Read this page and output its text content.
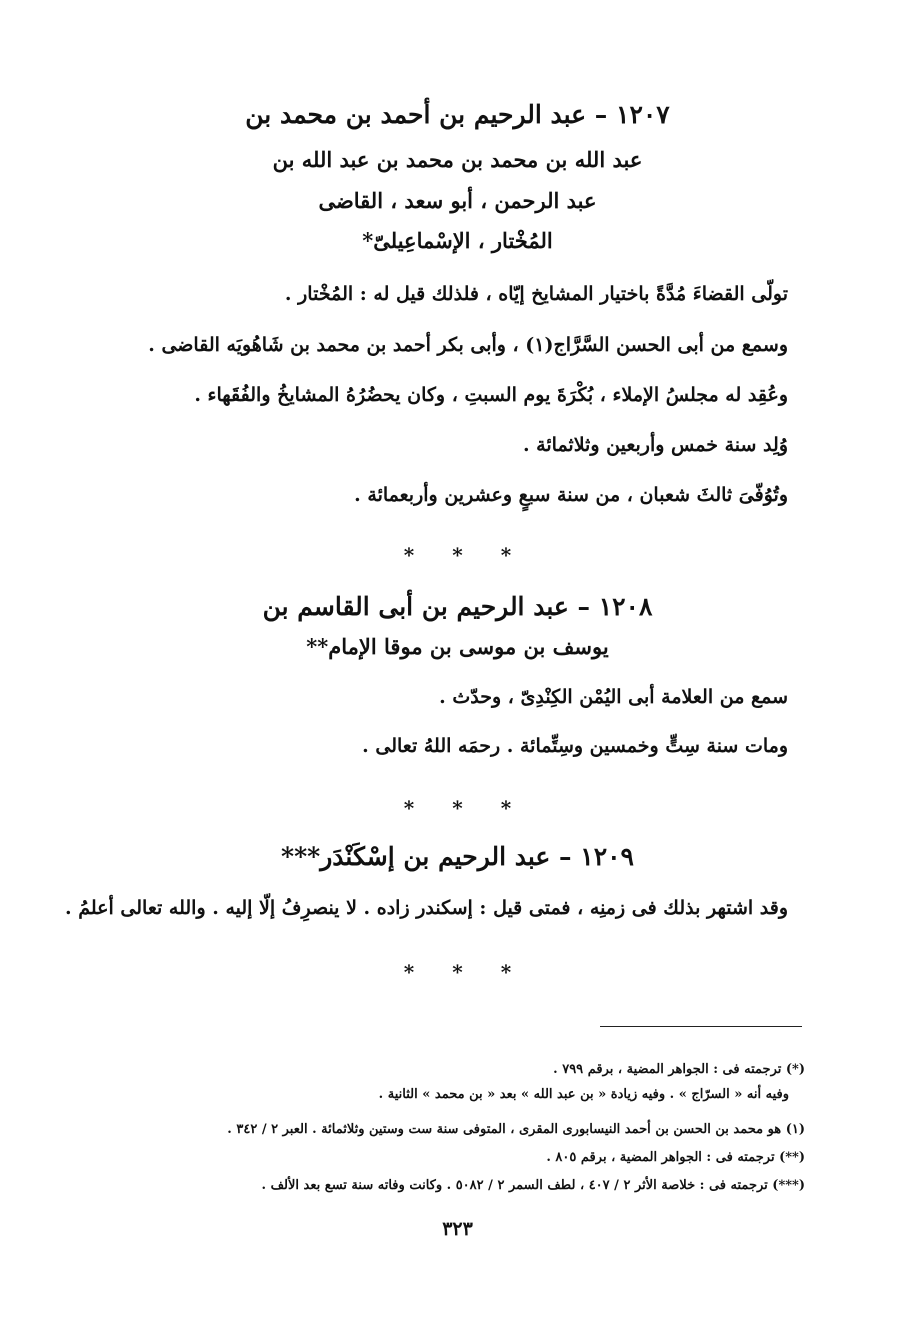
١٢٠٧ – عبد الرحيم بن أحمد بن محمد بن
عبد الله بن محمد بن محمد بن عبد الله بن
عبد الرحمن ، أبو سعد ، القاضى
المُخْتار ، الإسْماعِيلىّ*
تولّى القضاءَ مُدَّةً باختيار المشايخ إيّاه ، فلذلك قيل له : المُخْتار .
وسمع من أبى الحسن السَّرَّاج(١) ، وأبى بكر أحمد بن محمد بن شَاهُويَه القاضى .
وعُقِد له مجلسُ الإملاء ، بُكْرَةَ يوم السبتِ ، وكان يحضُرُهُ المشايخُ والفُقَهاء .
وُلِد سنة خمس وأربعين وثلاثمائة .
وتُوُفّىَ ثالثَ شعبان ، من سنة سبعٍ وعشرين وأربعمائة .
* * *
١٢٠٨ – عبد الرحيم بن أبى القاسم بن
يوسف بن موسى بن موقا الإمام**
سمع من العلامة أبى اليُمْن الكِنْدِىّ ، وحدّث .
ومات سنة سِتٍّ وخمسين وسِتِّمائة . رحمَه اللهُ تعالى .
* * *
١٢٠٩ – عبد الرحيم بن إسْكَنْدَر***
وقد اشتهر بذلك فى زمنِه ، فمتى قيل : إسكندر زاده . لا ينصرِفُ إلّا إليه . والله تعالى أعلمُ .
* * *
(*) ترجمته فى : الجواهر المضية ، برقم ٧٩٩ .
وفيه أنه « السرّاج » . وفيه زيادة « بن عبد الله » بعد « بن محمد » الثانية .
(١) هو محمد بن الحسن بن أحمد النيسابورى المقرى ، المتوفى سنة ست وستين وثلاثمائة . العبر ٢ / ٣٤٢ .
(**) ترجمته فى : الجواهر المضية ، برقم ٨٠٥ .
(***) ترجمته فى : خلاصة الأثر ٢ / ٤٠٧ ، لطف السمر ٢ / ٥٠٨٢ . وكانت وفاته سنة تسع بعد الألف .
٣٢٣
